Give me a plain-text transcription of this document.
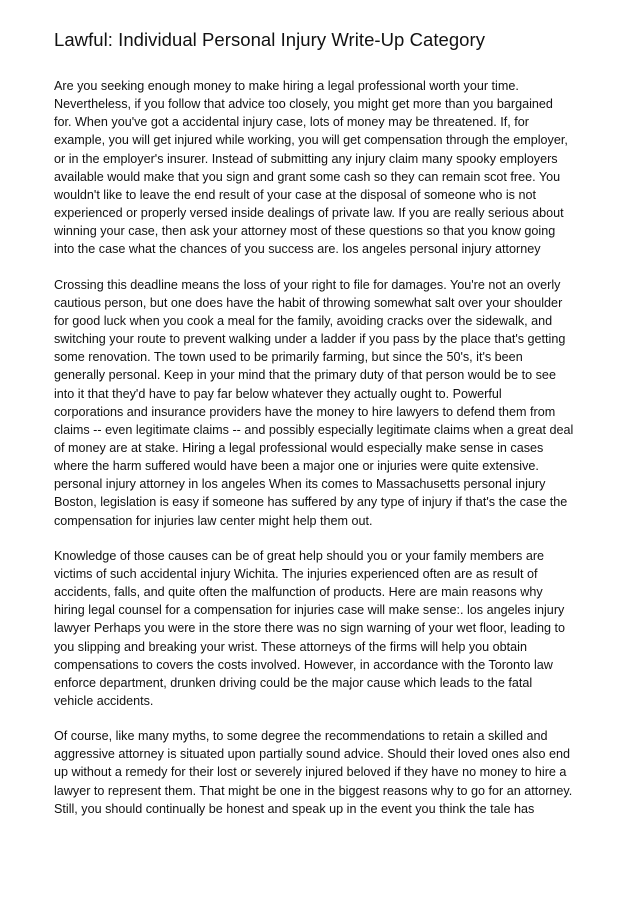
Lawful: Individual Personal Injury Write-Up Category

Are you seeking enough money to make hiring a legal professional worth your time.
Nevertheless, if you follow that advice too closely, you might get more than you bargained
for. When you've got a accidental injury case, lots of money may be threatened. If, for
example, you will get injured while working, you will get compensation through the employer,
or in the employer's insurer. Instead of submitting any injury claim many spooky employers
available would make that you sign and grant some cash so they can remain scot free. You
wouldn't like to leave the end result of your case at the disposal of someone who is not
experienced or properly versed inside dealings of private law. If you are really serious about
winning your case, then ask your attorney most of these questions so that you know going
into the case what the chances of you success are. los angeles personal injury attorney

Crossing this deadline means the loss of your right to file for damages. You're not an overly
cautious person, but one does have the habit of throwing somewhat salt over your shoulder
for good luck when you cook a meal for the family, avoiding cracks over the sidewalk, and
switching your route to prevent walking under a ladder if you pass by the place that's getting
some renovation. The town used to be primarily farming, but since the 50's, it's been
generally personal. Keep in your mind that the primary duty of that person would be to see
into it that they'd have to pay far below whatever they actually ought to. Powerful
corporations and insurance providers have the money to hire lawyers to defend them from
claims -- even legitimate claims -- and possibly especially legitimate claims when a great deal
of money are at stake. Hiring a legal professional would especially make sense in cases
where the harm suffered would have been a major one or injuries were quite extensive.
personal injury attorney in los angeles When its comes to Massachusetts personal injury
Boston, legislation is easy if someone has suffered by any type of injury if that's the case the
compensation for injuries law center might help them out.

Knowledge of those causes can be of great help should you or your family members are
victims of such accidental injury Wichita. The injuries experienced often are as result of
accidents, falls, and quite often the malfunction of products. Here are main reasons why
hiring legal counsel for a compensation for injuries case will make sense:. los angeles injury
lawyer Perhaps you were in the store there was no sign warning of your wet floor, leading to
you slipping and breaking your wrist. These attorneys of the firms will help you obtain
compensations to covers the costs involved. However, in accordance with the Toronto law
enforce department, drunken driving could be the major cause which leads to the fatal
vehicle accidents.

Of course, like many myths, to some degree the recommendations to retain a skilled and
aggressive attorney is situated upon partially sound advice. Should their loved ones also end
up without a remedy for their lost or severely injured beloved if they have no money to hire a
lawyer to represent them. That might be one in the biggest reasons why to go for an attorney.
Still, you should continually be honest and speak up in the event you think the tale has
